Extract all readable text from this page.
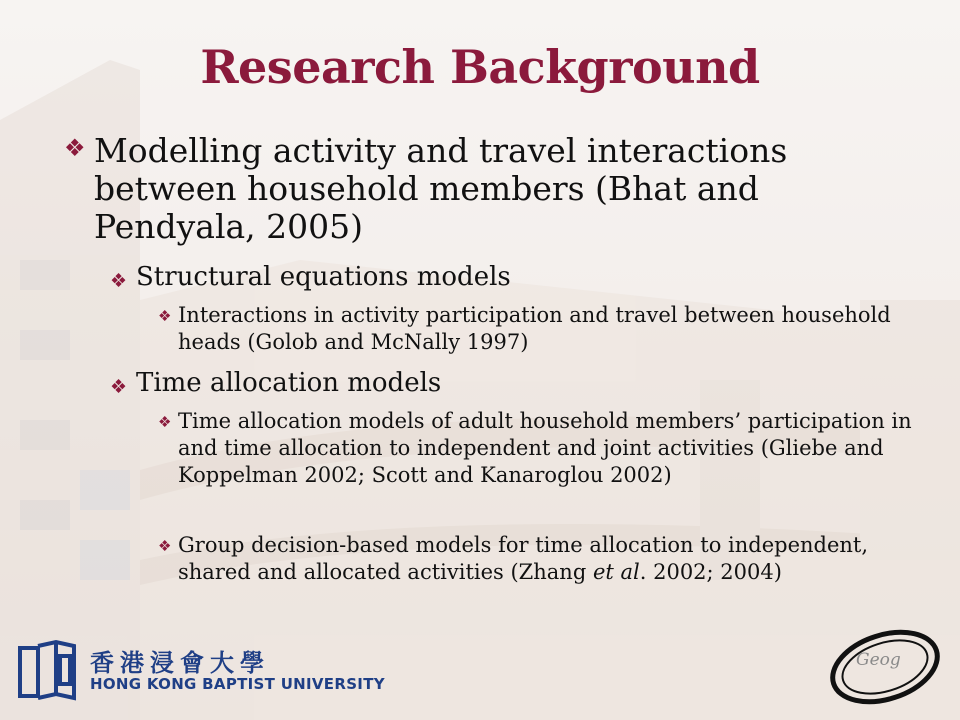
Research Background
❖ Modelling activity and travel interactions between household members (Bhat and Pendyala, 2005)
❖ Structural equations models
❖ Interactions in activity participation and travel between household heads (Golob and McNally 1997)
❖ Time allocation models
❖ Time allocation models of adult household members’ participation in and time allocation to independent and joint activities (Gliebe and Koppelman 2002; Scott and Kanaroglou 2002)
❖ Group decision-based models for time allocation to independent, shared and allocated activities (Zhang et al. 2002; 2004)
香港浸會大學
HONG KONG BAPTIST UNIVERSITY
Geog
